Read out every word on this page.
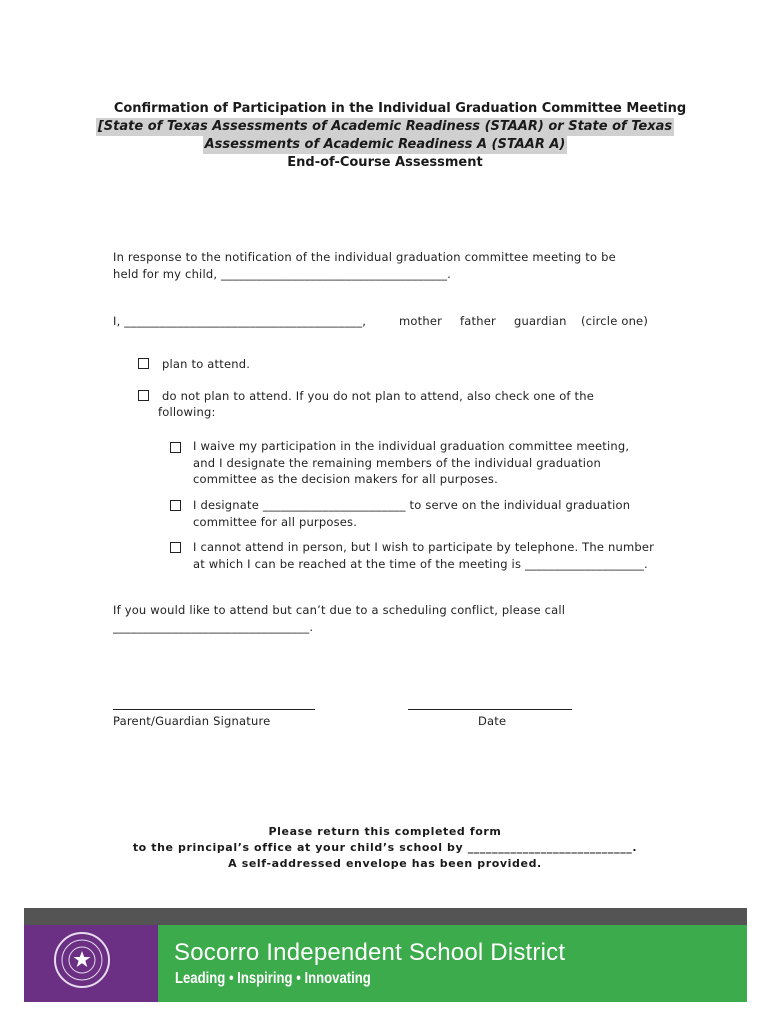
Confirmation of Participation in the Individual Graduation Committee Meeting
[State of Texas Assessments of Academic Readiness (STAAR) or State of Texas
Assessments of Academic Readiness A (STAAR A)
End-of-Course Assessment
In response to the notification of the individual graduation committee meeting to be
held for my child, ______________________________________.
I, ________________________________________,	mother father guardian (circle one)
plan to attend.
do not plan to attend. If you do not plan to attend, also check one of the
following:
I waive my participation in the individual graduation committee meeting,
and I designate the remaining members of the individual graduation
committee as the decision makers for all purposes.
I designate ________________________ to serve on the individual graduation
committee for all purposes.
I cannot attend in person, but I wish to participate by telephone. The number
at which I can be reached at the time of the meeting is ____________________.
If you would like to attend but can’t due to a scheduling conflict, please call
_________________________________.
Parent/Guardian Signature	Date
Please return this completed form
to the principal’s office at your child’s school by ___________________________.
A self-addressed envelope has been provided.
Socorro Independent School District
Leading • Inspiring • Innovating
